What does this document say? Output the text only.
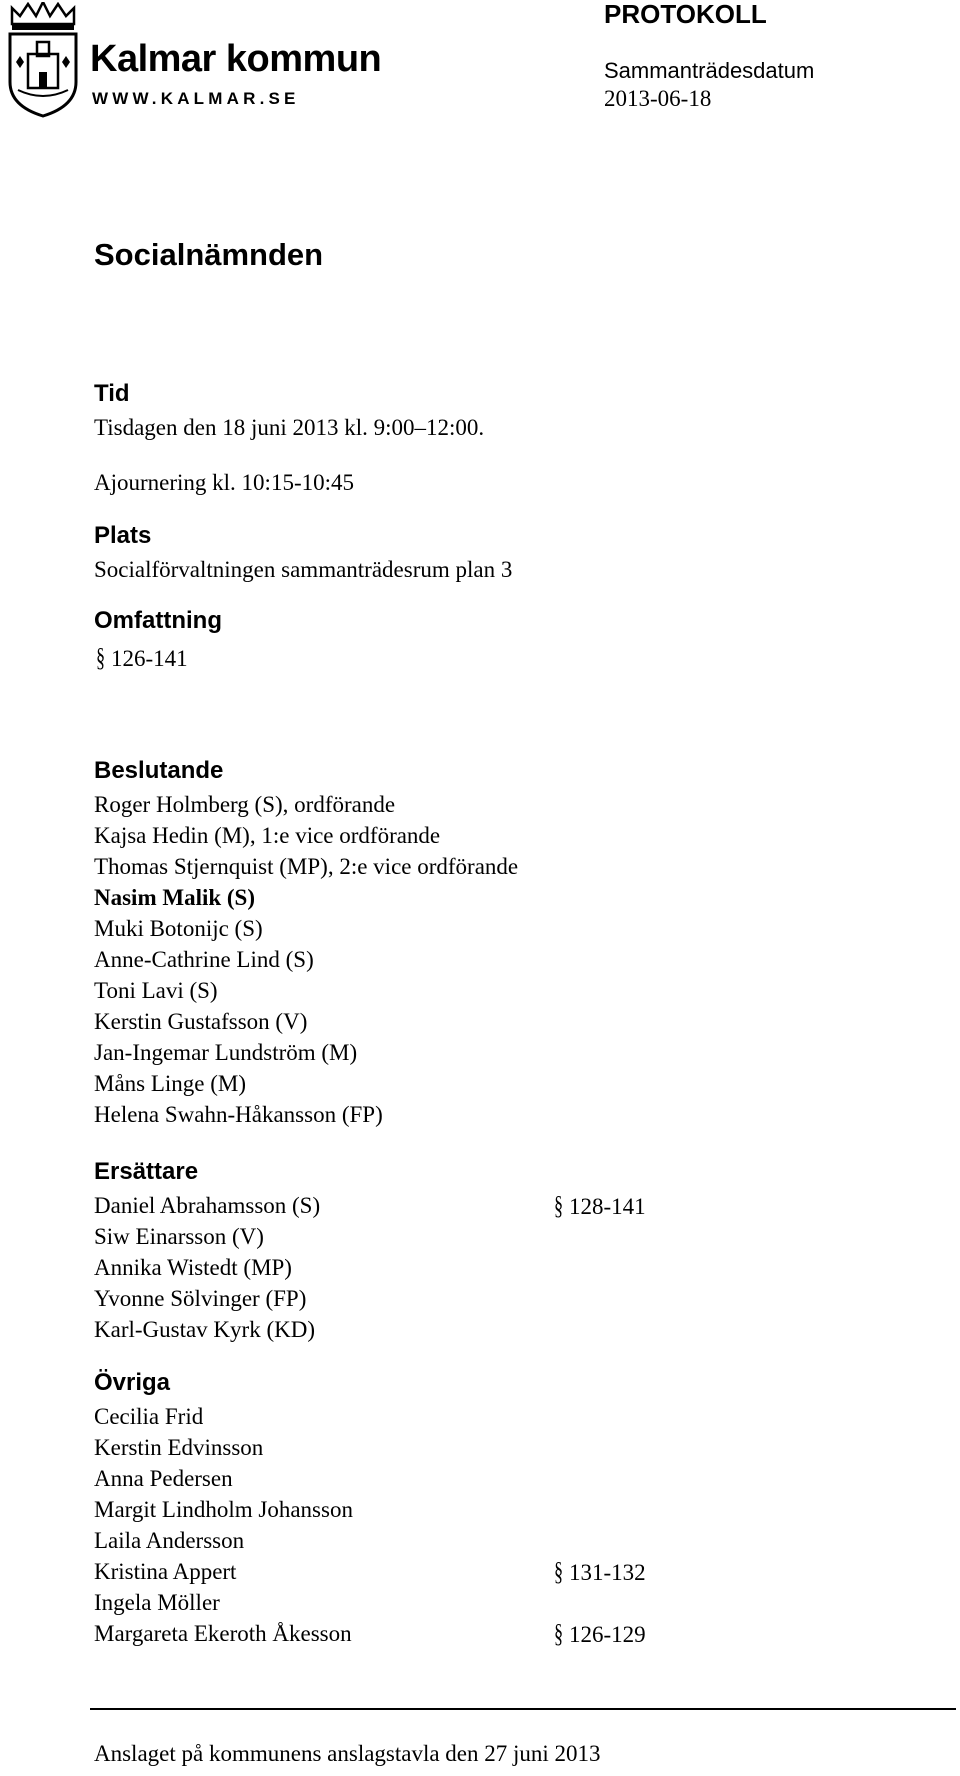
Kalmar kommun
WWW.KALMAR.SE
PROTOKOLL
Sammanträdesdatum
2013-06-18
Socialnämnden
Tid
Tisdagen den 18 juni 2013 kl. 9:00–12:00.
Ajournering kl. 10:15-10:45
Plats
Socialförvaltningen sammanträdesrum plan 3
Omfattning
§ 126-141
Beslutande
Roger Holmberg (S), ordförande
Kajsa Hedin (M), 1:e vice ordförande
Thomas Stjernquist (MP), 2:e vice ordförande
Nasim Malik (S)
Muki Botonijc (S)
Anne-Cathrine Lind (S)
Toni Lavi (S)
Kerstin Gustafsson (V)
Jan-Ingemar Lundström (M)
Måns Linge (M)
Helena Swahn-Håkansson (FP)
Ersättare
Daniel Abrahamsson (S)	§ 128-141
Siw Einarsson (V)
Annika Wistedt (MP)
Yvonne Sölvinger (FP)
Karl-Gustav Kyrk (KD)
Övriga
Cecilia Frid
Kerstin Edvinsson
Anna Pedersen
Margit Lindholm Johansson
Laila Andersson
Kristina Appert	§ 131-132
Ingela Möller
Margareta Ekeroth Åkesson	§ 126-129
Anslaget på kommunens anslagstavla den 27 juni 2013
